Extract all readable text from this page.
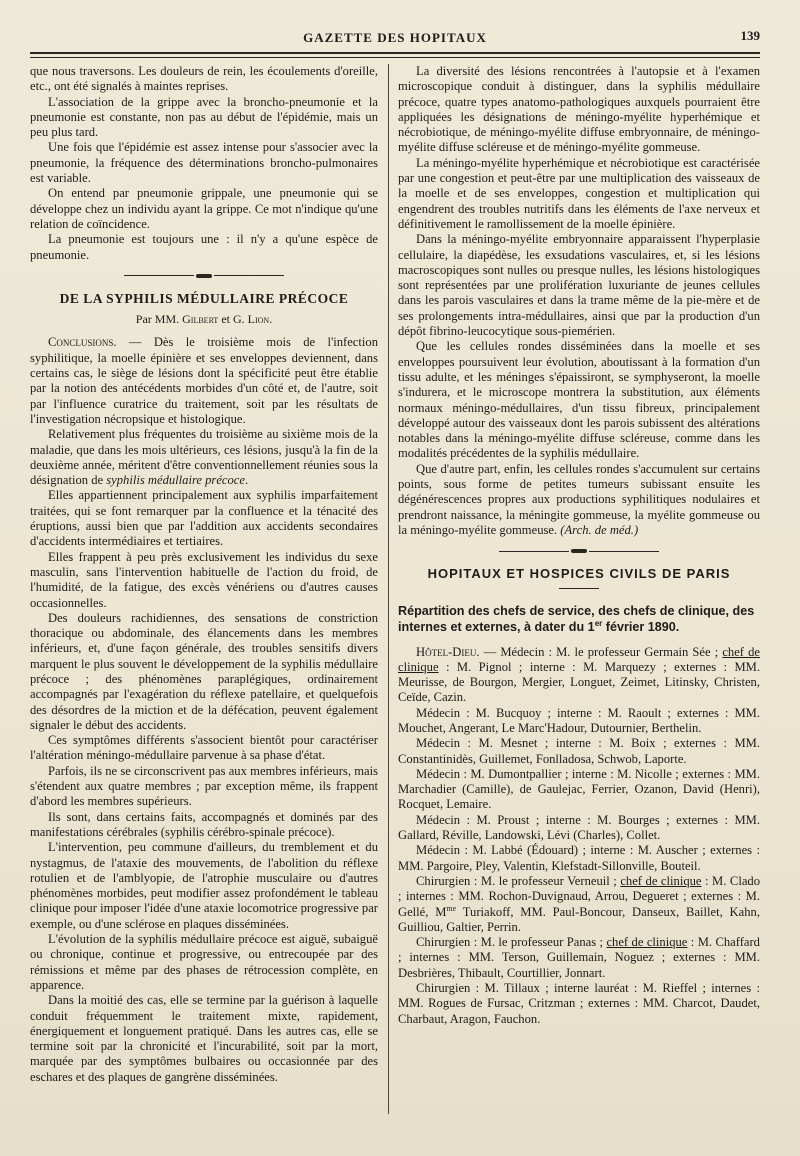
GAZETTE DES HOPITAUX	139

que nous traversons. Les douleurs de rein, les écoulements d'oreille, etc., ont été signalés à maintes reprises.

L'association de la grippe avec la broncho-pneumonie et la pneumonie est constante, non pas au début de l'épidémie, mais un peu plus tard.

Une fois que l'épidémie est assez intense pour s'associer avec la pneumonie, la fréquence des déterminations broncho-pulmonaires est variable.

On entend par pneumonie grippale, une pneumonie qui se développe chez un individu ayant la grippe. Ce mot n'indique qu'une relation de coïncidence.

La pneumonie est toujours une : il n'y a qu'une espèce de pneumonie.

DE LA SYPHILIS MÉDULLAIRE PRÉCOCE
Par MM. Gilbert et G. Lion.

Conclusions. — Dès le troisième mois de l'infection syphilitique, la moelle épinière et ses enveloppes deviennent, dans certains cas, le siège de lésions dont la spécificité peut être établie par la notion des antécédents morbides d'un côté et, de l'autre, soit par l'influence curatrice du traitement, soit par les résultats de l'investigation nécropsique et histologique.

Relativement plus fréquentes du troisième au sixième mois de la maladie, que dans les mois ultérieurs, ces lésions, jusqu'à la fin de la deuxième année, méritent d'être conventionnellement réunies sous la désignation de syphilis médullaire précoce.

Elles appartiennent principalement aux syphilis imparfaitement traitées, qui se font remarquer par la confluence et la ténacité des éruptions, aussi bien que par l'addition aux accidents secondaires d'accidents intermédiaires et tertiaires.

Elles frappent à peu près exclusivement les individus du sexe masculin, sans l'intervention habituelle de l'action du froid, de l'humidité, de la fatigue, des excès vénériens ou d'autres causes occasionnelles.

Des douleurs rachidiennes, des sensations de constriction thoracique ou abdominale, des élancements dans les membres inférieurs, et, d'une façon générale, des troubles sensitifs divers marquent le plus souvent le développement de la syphilis médullaire précoce ; des phénomènes paraplégiques, ordinairement accompagnés par l'exagération du réflexe patellaire, et quelquefois des désordres de la miction et de la défécation, peuvent également signaler le début des accidents.

Ces symptômes différents s'associent bientôt pour caractériser l'altération méningo-médullaire parvenue à sa phase d'état.

Parfois, ils ne se circonscrivent pas aux membres inférieurs, mais s'étendent aux quatre membres ; par exception même, ils frappent d'abord les membres supérieurs.

Ils sont, dans certains faits, accompagnés et dominés par des manifestations cérébrales (syphilis cérébro-spinale précoce).

L'intervention, peu commune d'ailleurs, du tremblement et du nystagmus, de l'ataxie des mouvements, de l'abolition du réflexe rotulien et de l'amblyopie, de l'atrophie musculaire ou d'autres phénomènes morbides, peut modifier assez profondément le tableau clinique pour imposer l'idée d'une ataxie locomotrice progressive par exemple, ou d'une sclérose en plaques disséminées.

L'évolution de la syphilis médullaire précoce est aiguë, subaiguë ou chronique, continue et progressive, ou entrecoupée par des rémissions et même par des phases de rétrocession complète, en apparence.

Dans la moitié des cas, elle se termine par la guérison à laquelle conduit fréquemment le traitement mixte, rapidement, énergiquement et longuement pratiqué. Dans les autres cas, elle se termine soit par la chronicité et l'incurabilité, soit par la mort, marquée par des symptômes bulbaires ou occasionnée par des eschares et des plaques de gangrène disséminées.

La diversité des lésions rencontrées à l'autopsie et à l'examen microscopique conduit à distinguer, dans la syphilis médullaire précoce, quatre types anatomo-pathologiques auxquels pourraient être appliquées les désignations de méningo-myélite hyperhémique et nécrobiotique, de méningo-myélite diffuse embryonnaire, de méningo-myélite diffuse scléreuse et de méningo-myélite gommeuse.

La méningo-myélite hyperhémique et nécrobiotique est caractérisée par une congestion et peut-être par une multiplication des vaisseaux de la moelle et de ses enveloppes, congestion et multiplication qui engendrent des troubles nutritifs dans les éléments de l'axe nerveux et définitivement le ramollissement de la moelle épinière.

Dans la méningo-myélite embryonnaire apparaissent l'hyperplasie cellulaire, la diapédèse, les exsudations vasculaires, et, si les lésions macroscopiques sont nulles ou presque nulles, les lésions histologiques sont représentées par une prolifération luxuriante de jeunes cellules dans les parois vasculaires et dans la trame même de la pie-mère et de ses prolongements intra-médullaires, ainsi que par la production d'un dépôt fibrino-leucocytique sous-piemérien.

Que les cellules rondes disséminées dans la moelle et ses enveloppes poursuivent leur évolution, aboutissant à la formation d'un tissu adulte, et les méninges s'épaissiront, se symphyseront, la moelle s'indurera, et le microscope montrera la substitution, aux éléments normaux méningo-médullaires, d'un tissu fibreux, principalement développé autour des vaisseaux dont les parois subissent des altérations notables dans la méningo-myélite diffuse scléreuse, comme dans les modalités précédentes de la syphilis médullaire.

Que d'autre part, enfin, les cellules rondes s'accumulent sur certains points, sous forme de petites tumeurs subissant ensuite les dégénérescences propres aux productions syphilitiques nodulaires et prendront naissance, la méningite gommeuse, la myélite gommeuse ou la méningo-myélite gommeuse. (Arch. de méd.)

HOPITAUX ET HOSPICES CIVILS DE PARIS
Répartition des chefs de service, des chefs de clinique, des internes et externes, à dater du 1er février 1890.

Hôtel-Dieu. — Médecin : M. le professeur Germain Sée ; chef de clinique : M. Pignol ; interne : M. Marquezy ; externes : MM. Meurisse, de Bourgon, Mergier, Longuet, Zeimet, Litinsky, Christen, Ceïde, Cazin.

Médecin : M. Bucquoy ; interne : M. Raoult ; externes : MM. Mouchet, Angerant, Le Marc'Hadour, Dutournier, Berthelin.

Médecin : M. Mesnet ; interne : M. Boix ; externes : MM. Constantinidès, Guillemet, Fonlladosa, Schwob, Laporte.

Médecin : M. Dumontpallier ; interne : M. Nicolle ; externes : MM. Marchadier (Camille), de Gaulejac, Ferrier, Ozanon, David (Henri), Rocquet, Lemaire.

Médecin : M. Proust ; interne : M. Bourges ; externes : MM. Gallard, Réville, Landowski, Lévi (Charles), Collet.

Médecin : M. Labbé (Édouard) ; interne : M. Auscher ; externes : MM. Pargoire, Pley, Valentin, Klefstadt-Sillonville, Bouteil.

Chirurgien : M. le professeur Verneuil ; chef de clinique : M. Clado ; internes : MM. Rochon-Duvignaud, Arrou, Degueret ; externes : M. Gellé, $M^{me}$ Turiakoff, MM. Paul-Boncour, Danseux, Baillet, Kahn, Guilliou, Galtier, Perrin.

Chirurgien : M. le professeur Panas ; chef de clinique : M. Chaffard ; internes : MM. Terson, Guillemain, Noguez ; externes : MM. Desbrières, Thibault, Courtillier, Jonnart.

Chirurgien : M. Tillaux ; interne lauréat : M. Rieffel ; internes : MM. Rogues de Fursac, Critzman ; externes : MM. Charcot, Daudet, Charbaut, Aragon, Fauchon.
